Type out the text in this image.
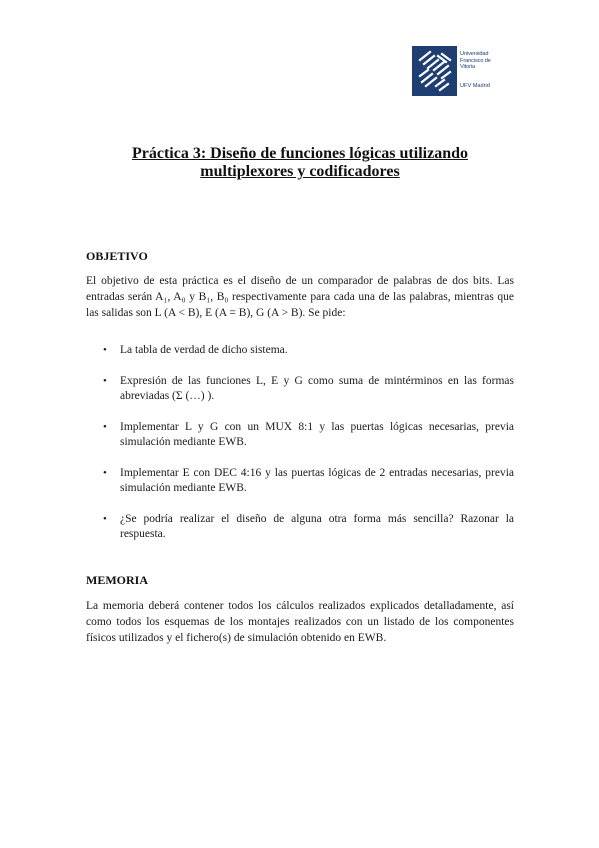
Universidad
Francisco de
Vitoria
UFV Madrid
Práctica 3: Diseño de funciones lógicas utilizando
multiplexores y codificadores
OBJETIVO
El objetivo de esta práctica es el diseño de un comparador de palabras de dos bits. Las entradas serán A₁, A₀ y B₁, B₀ respectivamente para cada una de las palabras, mientras que las salidas son L (A < B), E (A = B), G (A > B). Se pide:
• La tabla de verdad de dicho sistema.
• Expresión de las funciones L, E y G como suma de mintérminos en las formas abreviadas (Σ (…) ).
• Implementar L y G con un MUX 8:1 y las puertas lógicas necesarias, previa simulación mediante EWB.
• Implementar E con DEC 4:16 y las puertas lógicas de 2 entradas necesarias, previa simulación mediante EWB.
• ¿Se podría realizar el diseño de alguna otra forma más sencilla? Razonar la respuesta.
MEMORIA
La memoria deberá contener todos los cálculos realizados explicados detalladamente, así como todos los esquemas de los montajes realizados con un listado de los componentes físicos utilizados y el fichero(s) de simulación obtenido en EWB.
